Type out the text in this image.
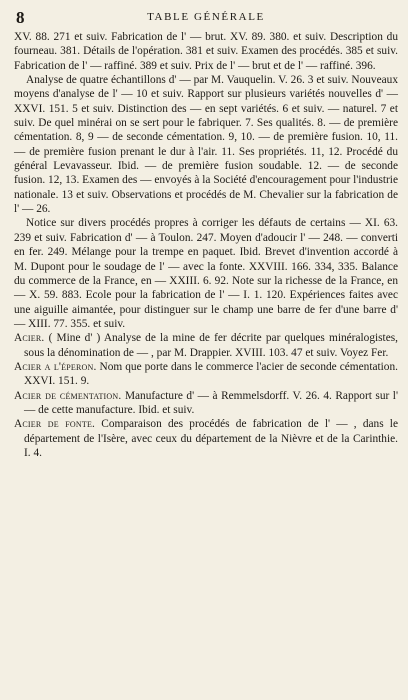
8	TABLE GÉNÉRALE

XV. 88. 271 et suiv. Fabrication de l' — brut. XV. 89. 380. et suiv. Description du fourneau. 381. Détails de l'opération. 381 et suiv. Examen des procédés. 385 et suiv. Fabrication de l' — raffiné. 389 et suiv. Prix de l' — brut et de l' — raffiné. 396.

Analyse de quatre échantillons d' — par M. Vauquelin. V. 26. 3 et suiv. Nouveaux moyens d'analyse de l' — 10 et suiv. Rapport sur plusieurs variétés nouvelles d' — XXVI. 151. 5 et suiv. Distinction des — en sept variétés. 6 et suiv. — naturel. 7 et suiv. De quel minérai on se sert pour le fabriquer. 7. Ses qualités. 8. — de première cémentation. 8, 9 — de seconde cémentation. 9, 10. — de première fusion. 10, 11. — de première fusion prenant le dur à l'air. 11. Ses propriétés. 11, 12. Procédé du général Levavasseur. Ibid. — de première fusion soudable. 12. — de seconde fusion. 12, 13. Examen des — envoyés à la Société d'encouragement pour l'industrie nationale. 13 et suiv. Observations et procédés de M. Chevalier sur la fabrication de l' — 26.

Notice sur divers procédés propres à corriger les défauts de certains — XI. 63. 239 et suiv. Fabrication d' — à Toulon. 247. Moyen d'adoucir l' — 248. — converti en fer. 249. Mélange pour la trempe en paquet. Ibid. Brevet d'invention accordé à M. Dupont pour le soudage de l' — avec la fonte. XXVIII. 166. 334, 335. Balance du commerce de la France, en — XXIII. 6. 92. Note sur la richesse de la France, en — X. 59. 883. Ecole pour la fabrication de l' — I. 1. 120. Expériences faites avec une aiguille aimantée, pour distinguer sur le champ une barre de fer d'une barre d' — XIII. 77. 355. et suiv.

Acier. ( Mine d' ) Analyse de la mine de fer décrite par quelques minéralogistes, sous la dénomination de — , par M. Drappier. XVIII. 103. 47 et suiv. Voyez Fer.

Acier a l'éperon. Nom que porte dans le commerce l'acier de seconde cémentation. XXVI. 151. 9.

Acier de cémentation. Manufacture d' — à Remmelsdorff. V. 26. 4. Rapport sur l' — de cette manufacture. Ibid. et suiv.

Acier de fonte. Comparaison des procédés de fabrication de l' — , dans le département de l'Isère, avec ceux du département de la Nièvre et de la Carinthie. I. 4.
